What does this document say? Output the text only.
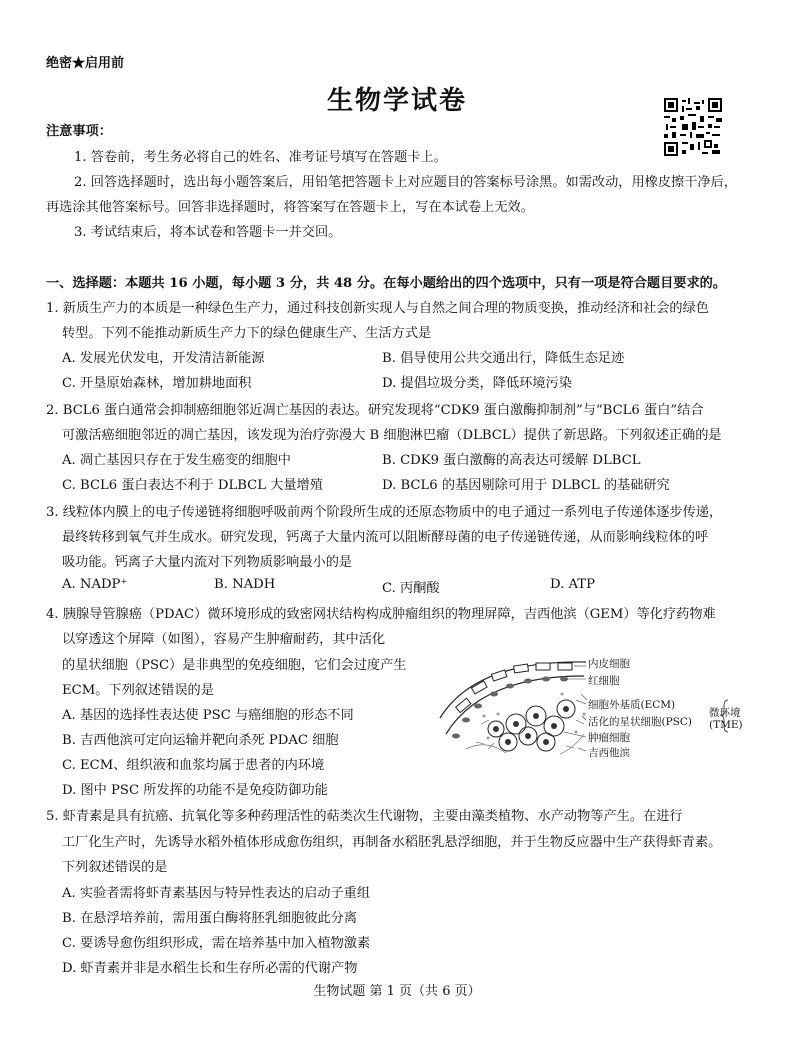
绝密★启用前
生物学试卷
注意事项：
1. 答卷前，考生务必将自己的姓名、准考证号填写在答题卡上。
2. 回答选择题时，选出每小题答案后，用铅笔把答题卡上对应题目的答案标号涂黑。如需改动，用橡皮擦干净后，
再选涂其他答案标号。回答非选择题时，将答案写在答题卡上，写在本试卷上无效。
3. 考试结束后，将本试卷和答题卡一并交回。
一、选择题：本题共 16 小题，每小题 3 分，共 48 分。在每小题给出的四个选项中，只有一项是符合题目要求的。
1. 新质生产力的本质是一种绿色生产力，通过科技创新实现人与自然之间合理的物质变换，推动经济和社会的绿色
转型。下列不能推动新质生产力下的绿色健康生产、生活方式是
A. 发展光伏发电，开发清洁新能源	B. 倡导使用公共交通出行，降低生态足迹
C. 开垦原始森林，增加耕地面积	D. 提倡垃圾分类，降低环境污染
2. BCL6 蛋白通常会抑制癌细胞邻近凋亡基因的表达。研究发现将“CDK9 蛋白激酶抑制剂”与“BCL6 蛋白”结合
可激活癌细胞邻近的凋亡基因，该发现为治疗弥漫大 B 细胞淋巴瘤（DLBCL）提供了新思路。下列叙述正确的是
A. 凋亡基因只存在于发生癌变的细胞中	B. CDK9 蛋白激酶的高表达可缓解 DLBCL
C. BCL6 蛋白表达不利于 DLBCL 大量增殖	D. BCL6 的基因剔除可用于 DLBCL 的基础研究
3. 线粒体内膜上的电子传递链将细胞呼吸前两个阶段所生成的还原态物质中的电子通过一系列电子传递体逐步传递，
最终转移到氧气并生成水。研究发现，钙离子大量内流可以阻断酵母菌的电子传递链传递，从而影响线粒体的呼
吸功能。钙离子大量内流对下列物质影响最小的是
A. NADP⁺	B. NADH	C. 丙酮酸	D. ATP
4. 胰腺导管腺癌（PDAC）微环境形成的致密网状结构构成肿瘤组织的物理屏障，吉西他滨（GEM）等化疗药物难
以穿透这个屏障（如图），容易产生肿瘤耐药，其中活化
的星状细胞（PSC）是非典型的免疫细胞，它们会过度产生
ECM。下列叙述错误的是
A. 基因的选择性表达使 PSC 与癌细胞的形态不同
B. 吉西他滨可定向运输并靶向杀死 PDAC 细胞
C. ECM、组织液和血浆均属于患者的内环境
D. 图中 PSC 所发挥的功能不是免疫防御功能
内皮细胞
红细胞
细胞外基质(ECM)
活化的星状细胞(PSC)
肿瘤细胞
吉西他滨
微环境
(TME)
5. 虾青素是具有抗癌、抗氧化等多种药理活性的萜类次生代谢物，主要由藻类植物、水产动物等产生。在进行
工厂化生产时，先诱导水稻外植体形成愈伤组织，再制备水稻胚乳悬浮细胞，并于生物反应器中生产获得虾青素。
下列叙述错误的是
A. 实验者需将虾青素基因与特异性表达的启动子重组
B. 在悬浮培养前，需用蛋白酶将胚乳细胞彼此分离
C. 要诱导愈伤组织形成，需在培养基中加入植物激素
D. 虾青素并非是水稻生长和生存所必需的代谢产物
生物试题 第 1 页（共 6 页）
